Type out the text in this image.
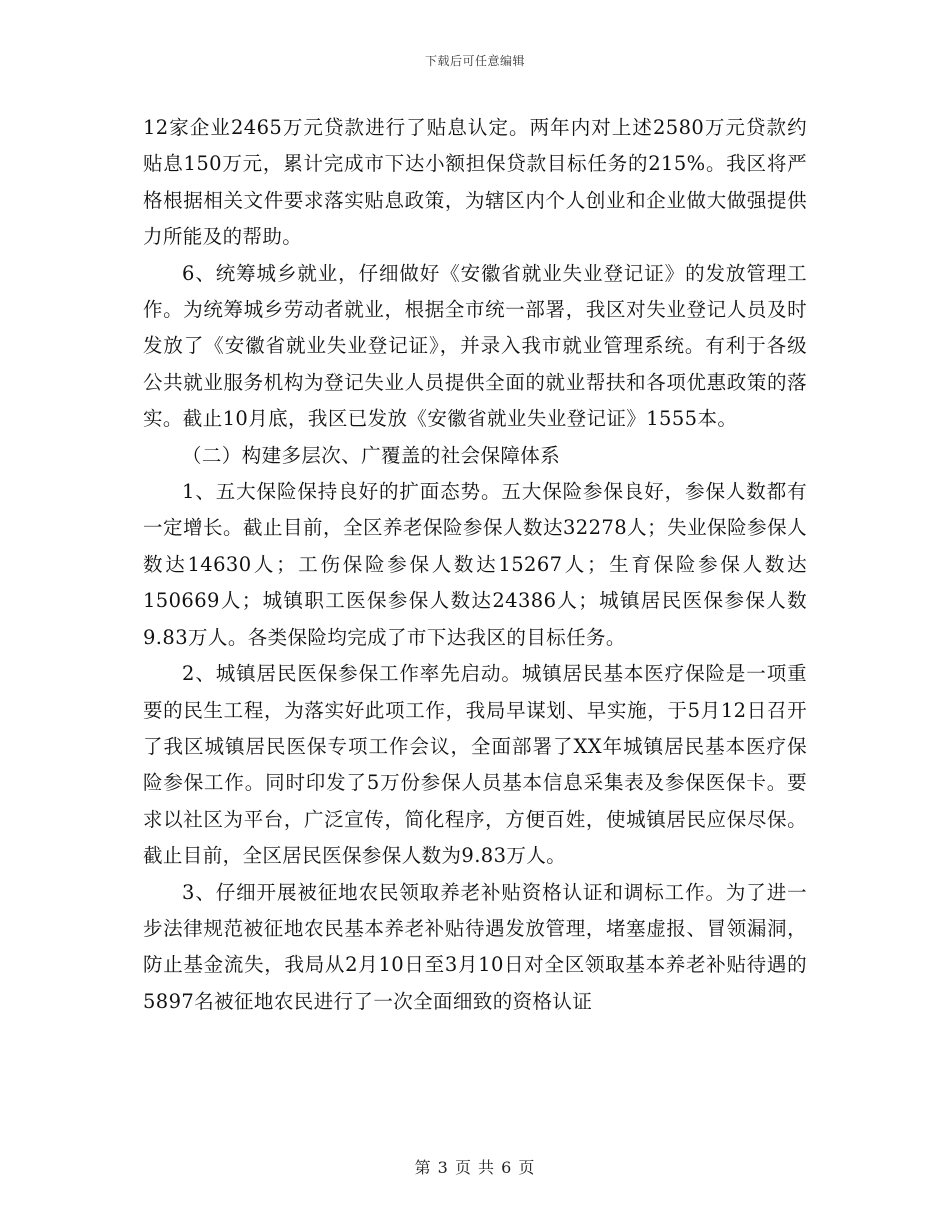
下载后可任意编辑

12家企业2465万元贷款进行了贴息认定。两年内对上述2580万元贷款约贴息150万元，累计完成市下达小额担保贷款目标任务的215%。我区将严格根据相关文件要求落实贴息政策，为辖区内个人创业和企业做大做强提供力所能及的帮助。

6、统筹城乡就业，仔细做好《安徽省就业失业登记证》的发放管理工作。为统筹城乡劳动者就业，根据全市统一部署，我区对失业登记人员及时发放了《安徽省就业失业登记证》，并录入我市就业管理系统。有利于各级公共就业服务机构为登记失业人员提供全面的就业帮扶和各项优惠政策的落实。截止10月底，我区已发放《安徽省就业失业登记证》1555本。

（二）构建多层次、广覆盖的社会保障体系

1、五大保险保持良好的扩面态势。五大保险参保良好，参保人数都有一定增长。截止目前，全区养老保险参保人数达32278人；失业保险参保人数达14630人；工伤保险参保人数达15267人；生育保险参保人数达150669人；城镇职工医保参保人数达24386人；城镇居民医保参保人数9.83万人。各类保险均完成了市下达我区的目标任务。

2、城镇居民医保参保工作率先启动。城镇居民基本医疗保险是一项重要的民生工程，为落实好此项工作，我局早谋划、早实施，于5月12日召开了我区城镇居民医保专项工作会议，全面部署了XX年城镇居民基本医疗保险参保工作。同时印发了5万份参保人员基本信息采集表及参保医保卡。要求以社区为平台，广泛宣传，简化程序，方便百姓，使城镇居民应保尽保。截止目前，全区居民医保参保人数为9.83万人。

3、仔细开展被征地农民领取养老补贴资格认证和调标工作。为了进一步法律规范被征地农民基本养老补贴待遇发放管理，堵塞虚报、冒领漏洞，防止基金流失，我局从2月10日至3月10日对全区领取基本养老补贴待遇的5897名被征地农民进行了一次全面细致的资格认证

第 3 页 共 6 页
